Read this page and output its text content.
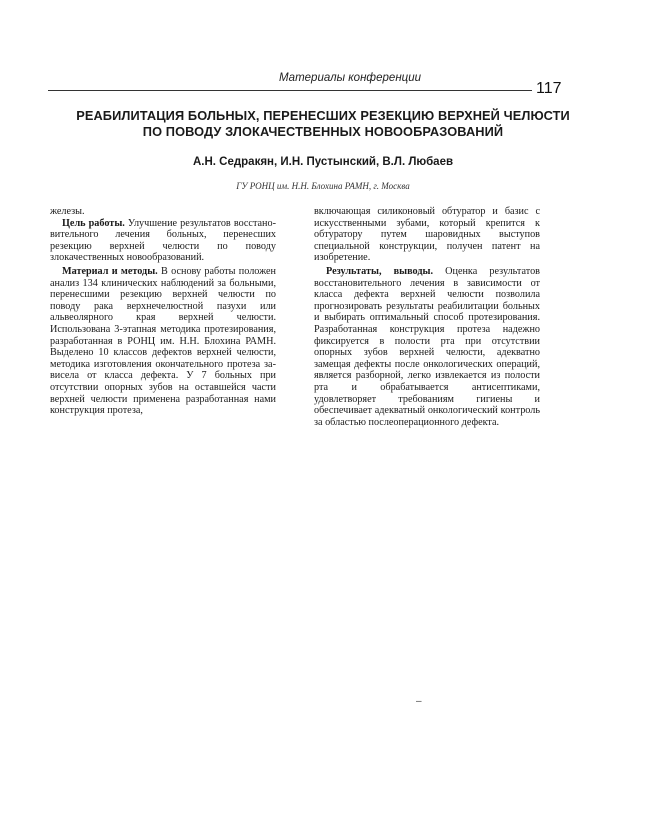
Материалы конференции
117
РЕАБИЛИТАЦИЯ БОЛЬНЫХ, ПЕРЕНЕСШИХ РЕЗЕКЦИЮ ВЕРХНЕЙ ЧЕЛЮСТИ
ПО ПОВОДУ ЗЛОКАЧЕСТВЕННЫХ НОВООБРАЗОВАНИЙ
А.Н. Седракян, И.Н. Пустынский, В.Л. Любаев
ГУ РОНЦ им. Н.Н. Блохина РАМН, г. Москва

железы.

Цель работы. Улучшение результатов восстановительного лечения больных, перенесших резекцию верхней челюсти по поводу злокачественных новообразований.

Материал и методы. В основу работы положен анализ 134 клинических наблюдений за больными, перенесшими резекцию верхней челюсти по поводу рака верхнечелюстной пазухи или альвеолярного края верхней челюсти. Использована 3-этапная методика протезирования, разработанная в РОНЦ им. Н.Н. Блохина РАМН. Выделено 10 классов дефектов верхней челюсти, методика изготовления окончательного протеза зависела от класса дефекта. У 7 больных при отсутствии опорных зубов на оставшейся части верхней челюсти применена разработанная нами конструкция протеза,

включающая силиконовый обтуратор и базис с искусственными зубами, который крепится к обтуратору путем шаровидных выступов специальной конструкции, получен патент на изобретение.

Результаты, выводы. Оценка результатов восстановительного лечения в зависимости от класса дефекта верхней челюсти позволила прогнозировать результаты реабилитации больных и выбирать оптимальный способ протезирования. Разработанная конструкция протеза надежно фиксируется в полости рта при отсутствии опорных зубов верхней челюсти, адекватно замещая дефекты после онкологических операций, является разборной, легко извлекается из полости рта и обрабатывается антисептиками, удовлетворяет требованиям гигиены и обеспечивает адекватный онкологический контроль за областью послеоперационного дефекта.

–
